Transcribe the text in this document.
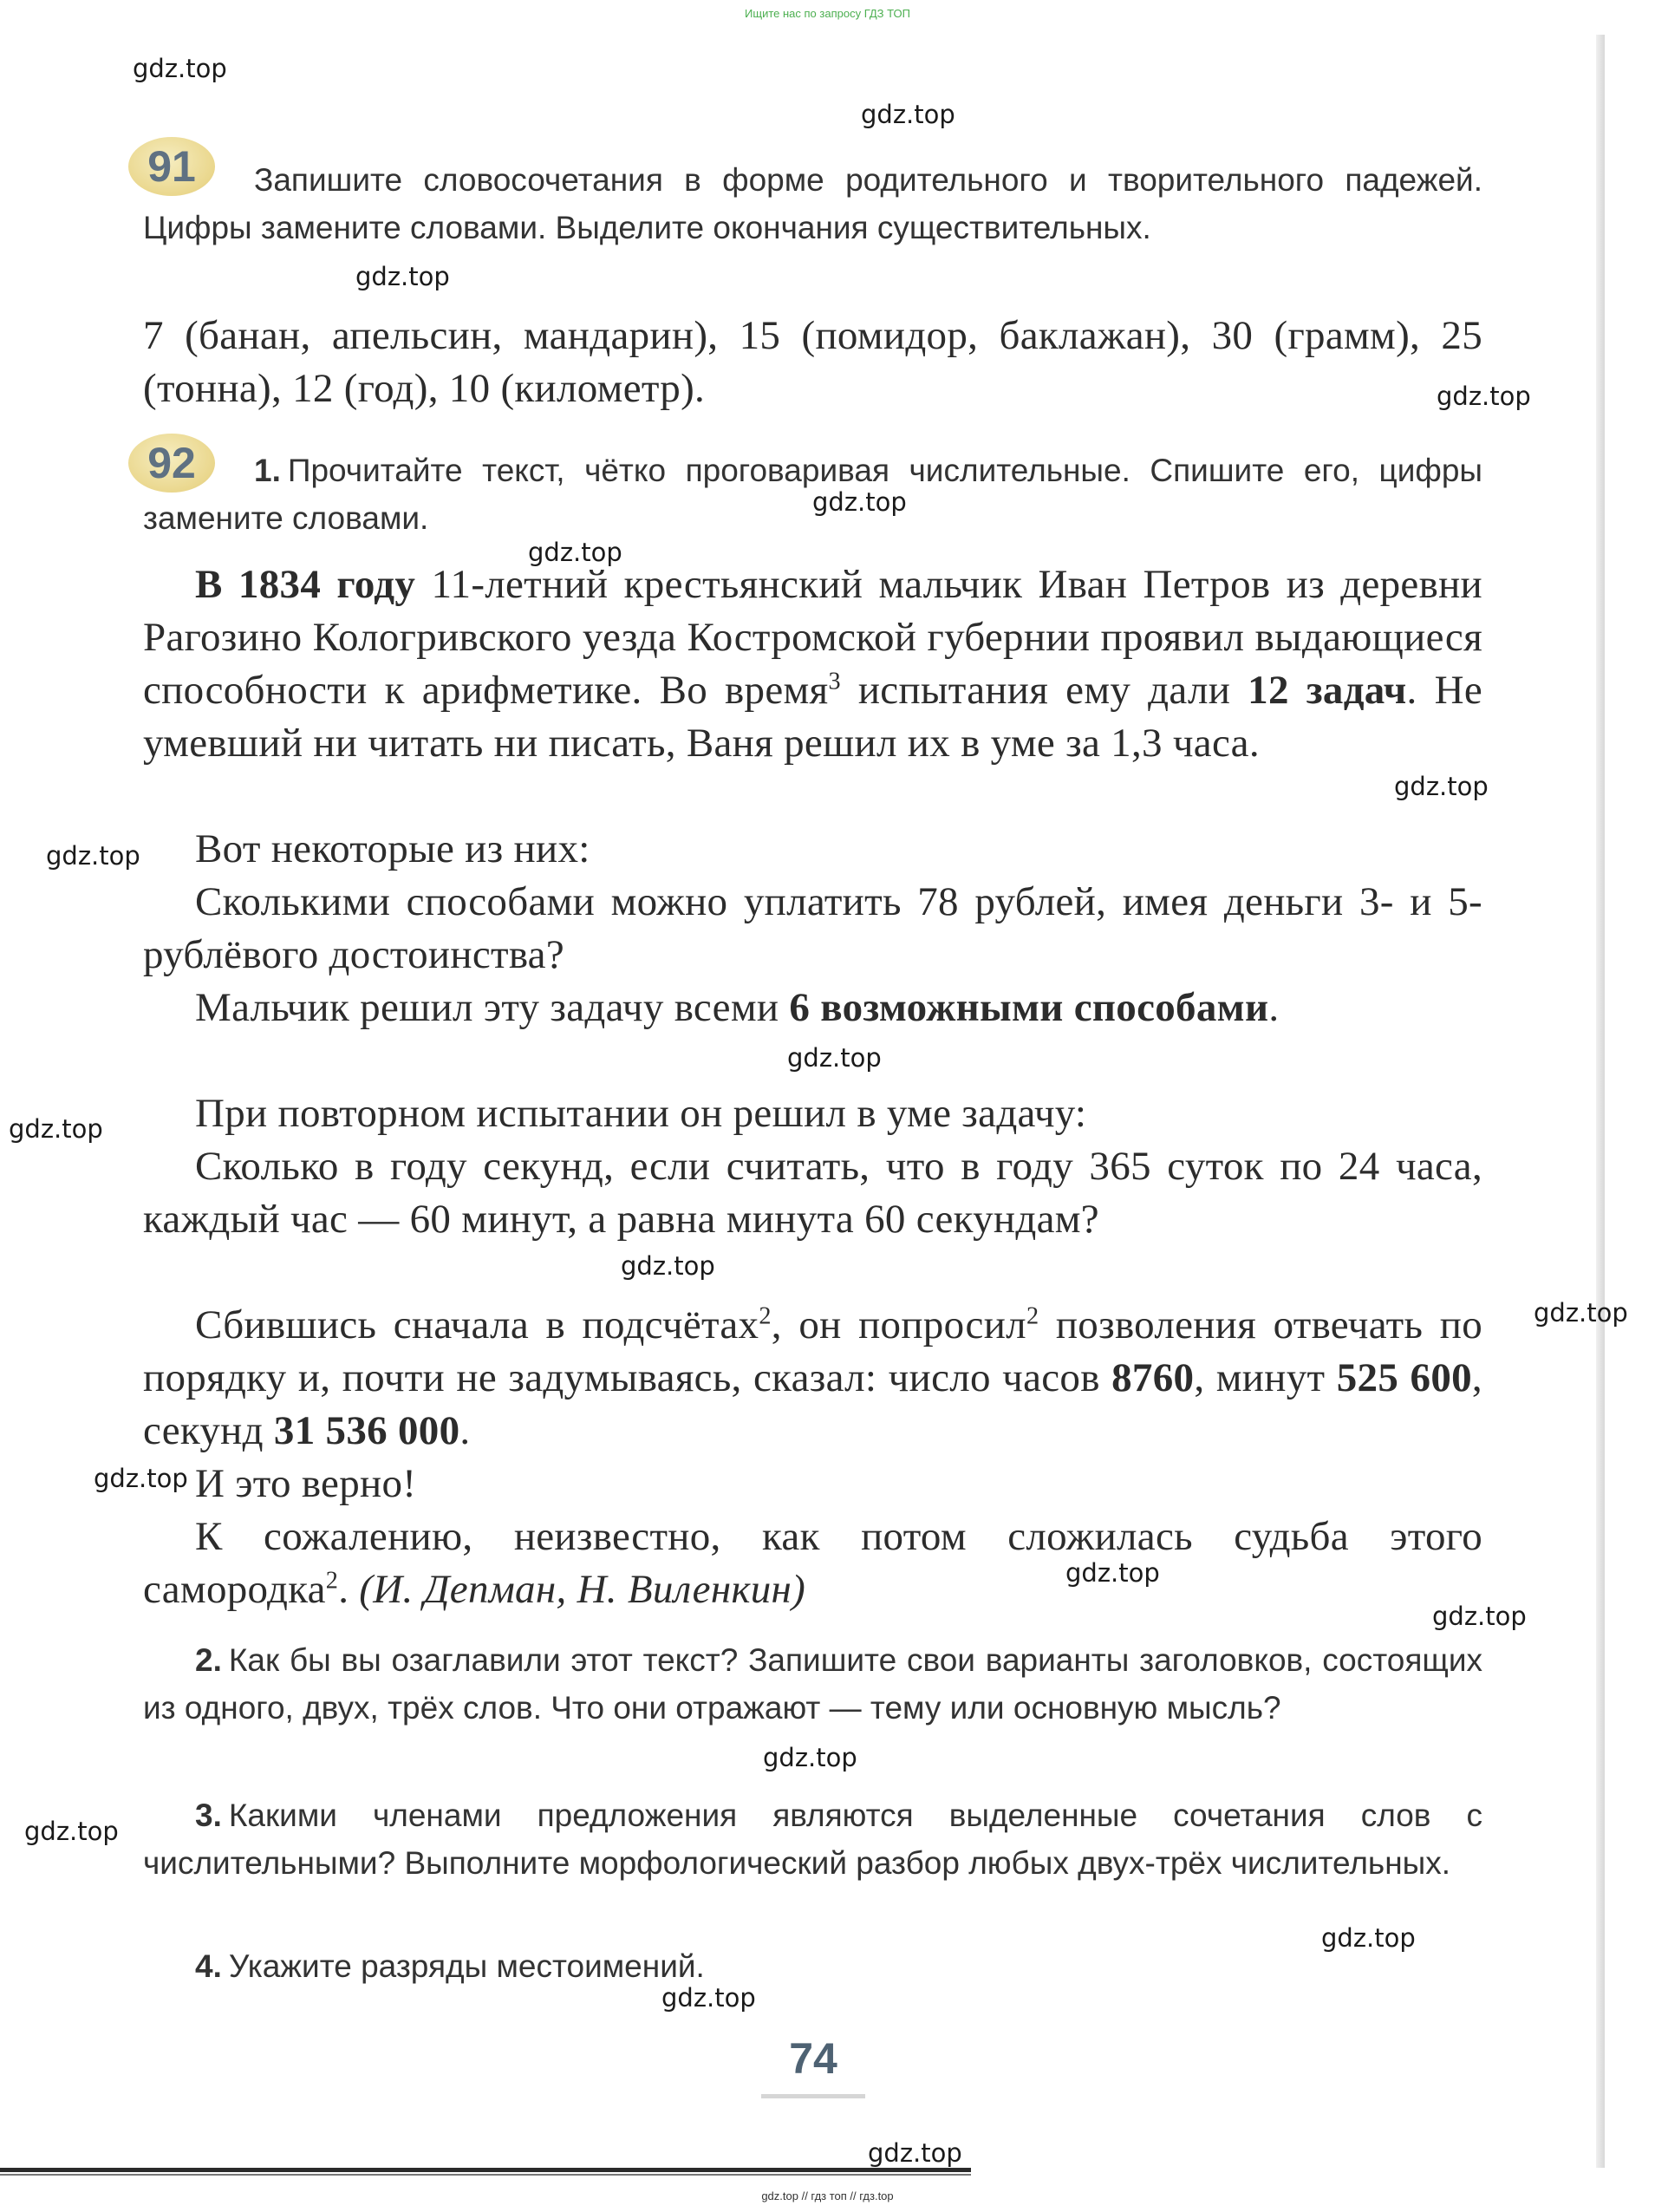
Ищите нас по запросу ГДЗ ТОП
91	Запишите словосочетания в форме родительного и творительного падежей. Цифры замените словами. Выделите окончания существительных.
7 (банан, апельсин, мандарин), 15 (помидор, баклажан), 30 (грамм), 25 (тонна), 12 (год), 10 (километр).
92	1. Прочитайте текст, чётко проговаривая числительные. Спишите его, цифры замените словами.
В 1834 году 11-летний крестьянский мальчик Иван Петров из деревни Рагозино Кологривского уезда Костромской губернии проявил выдающиеся способности к арифметике. Во время$^3$ испытания ему дали 12 задач. Не умевший ни читать ни писать, Ваня решил их в уме за 1,3 часа.
Вот некоторые из них:
Сколькими способами можно уплатить 78 рублей, имея деньги 3- и 5-рублёвого достоинства?
Мальчик решил эту задачу всеми 6 возможными способами.
При повторном испытании он решил в уме задачу:
Сколько в году секунд, если считать, что в году 365 суток по 24 часа, каждый час — 60 минут, а равна минута 60 секундам?
Сбившись сначала в подсчётах$^2$, он попросил$^2$ позволения отвечать по порядку и, почти не задумываясь, сказал: число часов 8760, минут 525 600, секунд 31 536 000.
И это верно!
К сожалению, неизвестно, как потом сложилась судьба этого самородка$^2$. (И. Депман, Н. Виленкин)
2. Как бы вы озаглавили этот текст? Запишите свои варианты заголовков, состоящих из одного, двух, трёх слов. Что они отражают — тему или основную мысль?
3. Какими членами предложения являются выделенные сочетания слов с числительными? Выполните морфологический разбор любых двух-трёх числительных.
4. Укажите разряды местоимений.
74
gdz.top // гдз топ // гдз.top
gdz.top
gdz.top
gdz.top
gdz.top
gdz.top
gdz.top
gdz.top
gdz.top
gdz.top
gdz.top
gdz.top
gdz.top
gdz.top
gdz.top
gdz.top
gdz.top
gdz.top
gdz.top
gdz.top
gdz.top
